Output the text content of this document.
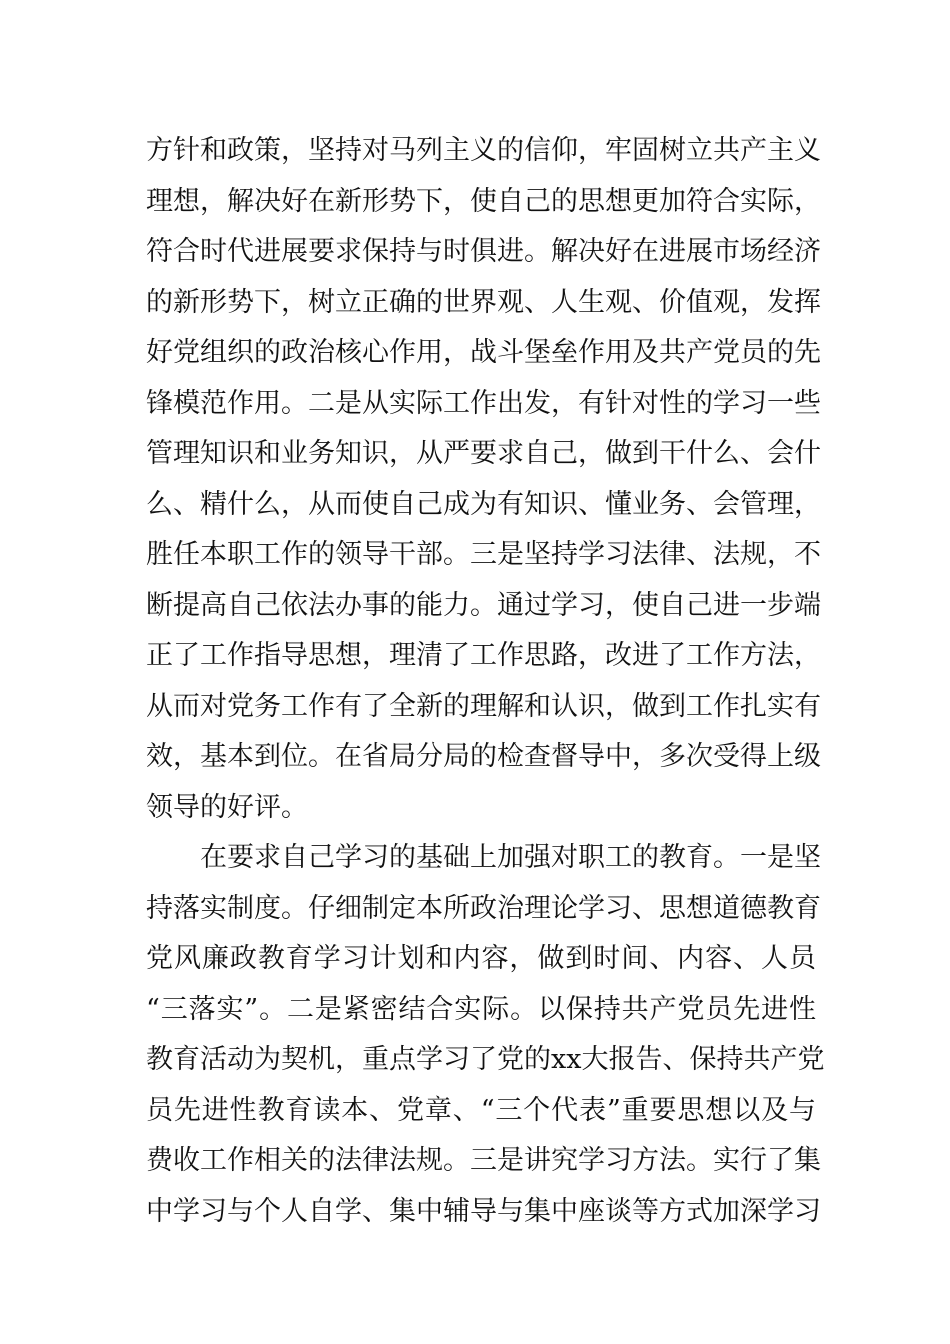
方针和政策，坚持对马列主义的信仰，牢固树立共产主义
理想，解决好在新形势下，使自己的思想更加符合实际，
符合时代进展要求保持与时俱进。解决好在进展市场经济
的新形势下，树立正确的世界观、人生观、价值观，发挥
好党组织的政治核心作用，战斗堡垒作用及共产党员的先
锋模范作用。二是从实际工作出发，有针对性的学习一些
管理知识和业务知识，从严要求自己，做到干什么、会什
么、精什么，从而使自己成为有知识、懂业务、会管理，
胜任本职工作的领导干部。三是坚持学习法律、法规，不
断提高自己依法办事的能力。通过学习，使自己进一步端
正了工作指导思想，理清了工作思路，改进了工作方法，
从而对党务工作有了全新的理解和认识，做到工作扎实有
效，基本到位。在省局分局的检查督导中，多次受得上级
领导的好评。
在要求自己学习的基础上加强对职工的教育。一是坚
持落实制度。仔细制定本所政治理论学习、思想道德教育
党风廉政教育学习计划和内容，做到时间、内容、人员
“三落实”。二是紧密结合实际。以保持共产党员先进性
教育活动为契机，重点学习了党的xx大报告、保持共产党
员先进性教育读本、党章、“三个代表”重要思想以及与
费收工作相关的法律法规。三是讲究学习方法。实行了集
中学习与个人自学、集中辅导与集中座谈等方式加深学习
